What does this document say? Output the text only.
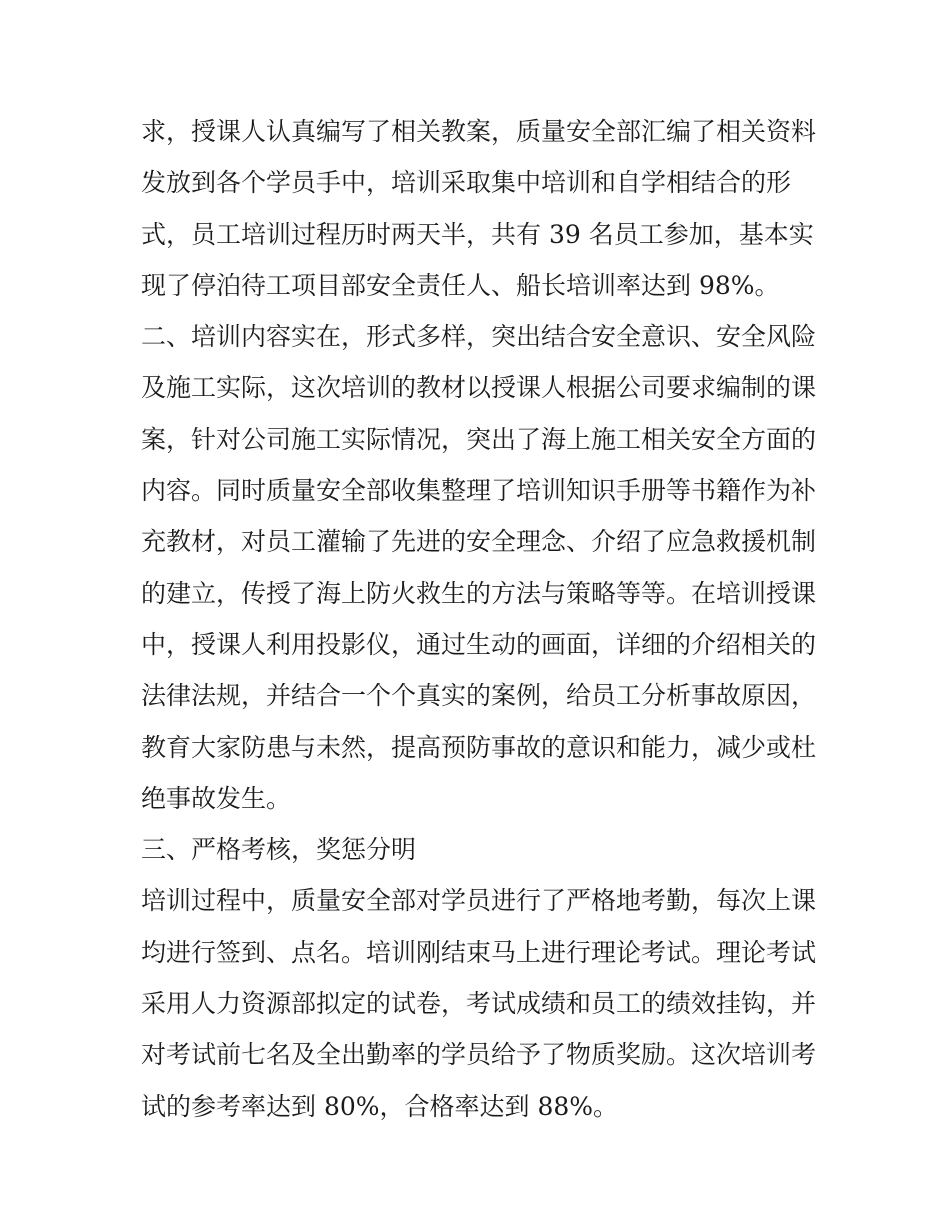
求，授课人认真编写了相关教案，质量安全部汇编了相关资料
发放到各个学员手中，培训采取集中培训和自学相结合的形
式，员工培训过程历时两天半，共有 39 名员工参加，基本实
现了停泊待工项目部安全责任人、船长培训率达到 98%。
二、培训内容实在，形式多样，突出结合安全意识、安全风险
及施工实际，这次培训的教材以授课人根据公司要求编制的课
案，针对公司施工实际情况，突出了海上施工相关安全方面的
内容。同时质量安全部收集整理了培训知识手册等书籍作为补
充教材，对员工灌输了先进的安全理念、介绍了应急救援机制
的建立，传授了海上防火救生的方法与策略等等。在培训授课
中，授课人利用投影仪，通过生动的画面，详细的介绍相关的
法律法规，并结合一个个真实的案例，给员工分析事故原因，
教育大家防患与未然，提高预防事故的意识和能力，减少或杜
绝事故发生。
三、严格考核，奖惩分明
培训过程中，质量安全部对学员进行了严格地考勤，每次上课
均进行签到、点名。培训刚结束马上进行理论考试。理论考试
采用人力资源部拟定的试卷，考试成绩和员工的绩效挂钩，并
对考试前七名及全出勤率的学员给予了物质奖励。这次培训考
试的参考率达到 80%，合格率达到 88%。
